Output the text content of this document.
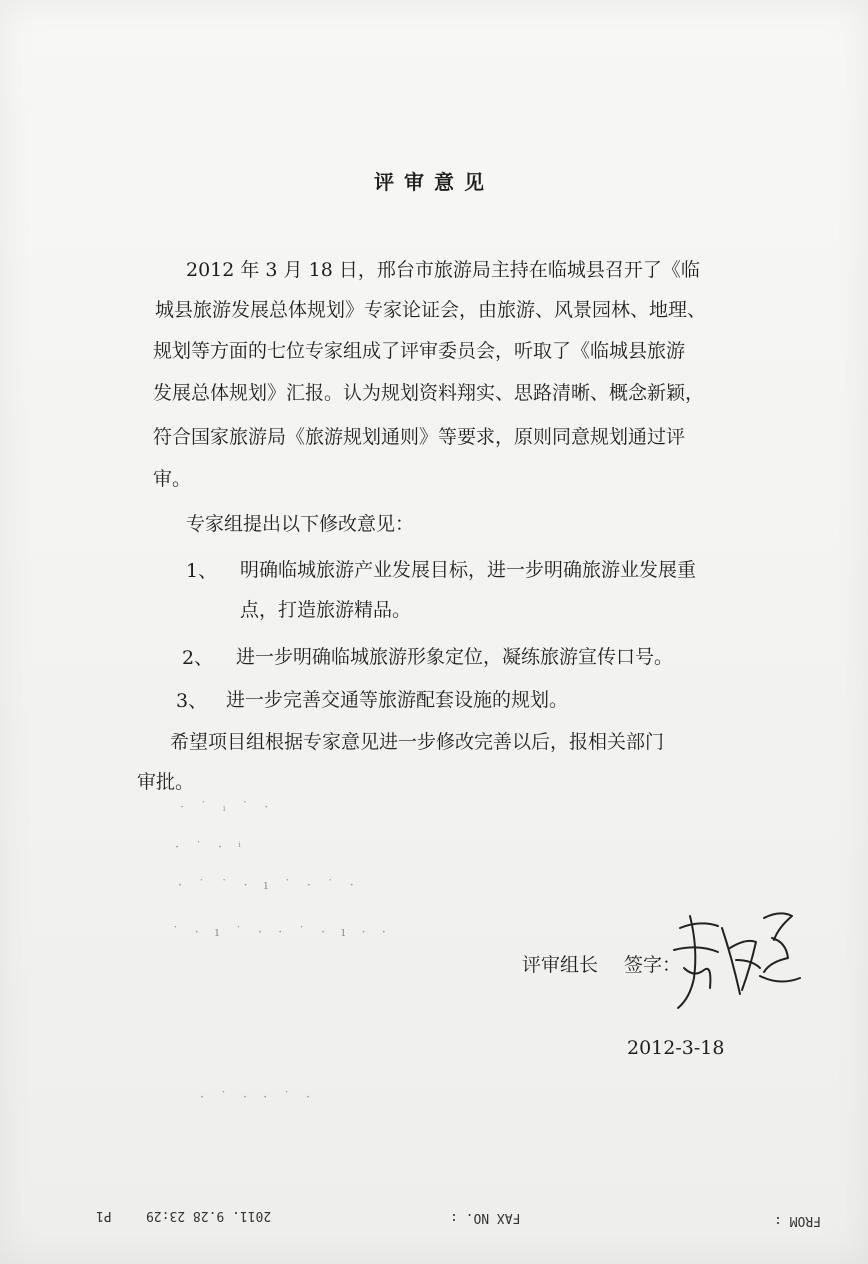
评审意见
2012 年 3 月 18 日，邢台市旅游局主持在临城县召开了《临
城县旅游发展总体规划》专家论证会，由旅游、风景园林、地理、
规划等方面的七位专家组成了评审委员会，听取了《临城县旅游
发展总体规划》汇报。认为规划资料翔实、思路清晰、概念新颖，
符合国家旅游局《旅游规划通则》等要求，原则同意规划通过评
审。
专家组提出以下修改意见：
1、 明确临城旅游产业发展目标，进一步明确旅游业发展重
点，打造旅游精品。
2、 进一步明确临城旅游形象定位，凝练旅游宣传口号。
3、 进一步完善交通等旅游配套设施的规划。
希望项目组根据专家意见进一步修改完善以后，报相关部门
审批。
· ˙ ᵢ ˙ ·
· ˙ · ⁱ
· ˙ ˙ · ı ˙ · ˙ ·
˙ · ı ˙ · · ˙ · ı · ·
· ˙ · · ˙ ·
评审组长 签字：
2012-3-18
P1	2011. 9.28 23:29	FAX NO. :	FROM :
